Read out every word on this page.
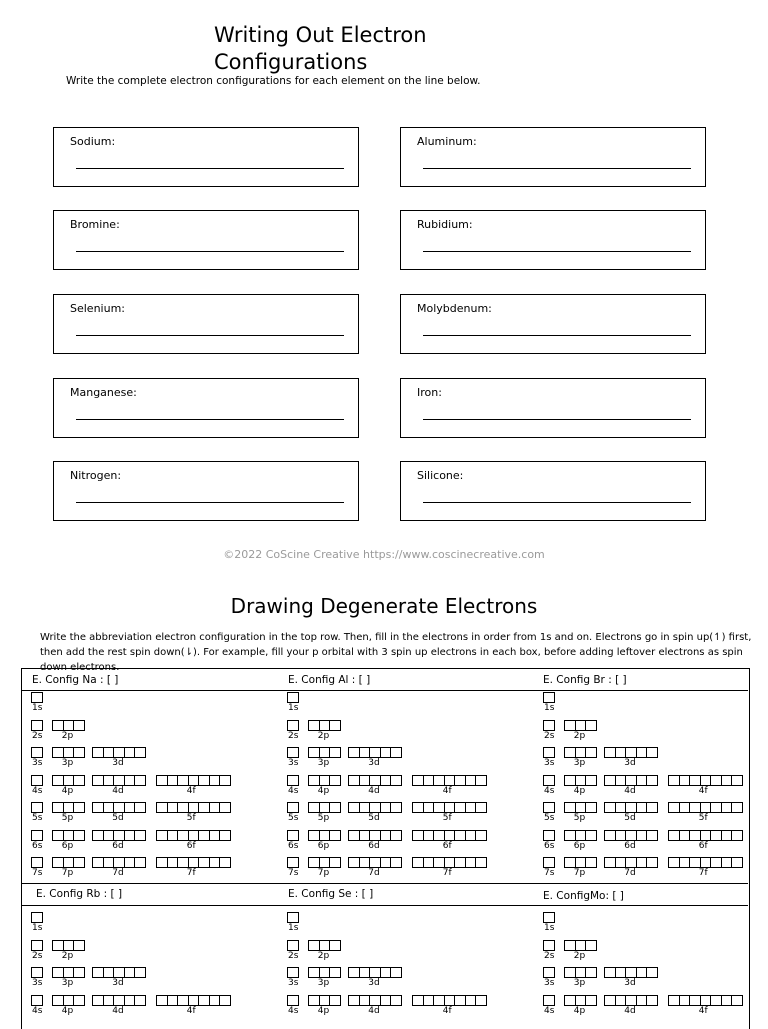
Writing Out Electron
Configurations
Write the complete electron configurations for each element on the line below.
Sodium:	Aluminum:
Bromine:	Rubidium:
Selenium:	Molybdenum:
Manganese:	Iron:
Nitrogen:	Silicone:
©2022 CoScine Creative https://www.coscinecreative.com
Drawing Degenerate Electrons
Write the abbreviation electron configuration in the top row. Then, fill in the electrons in order from 1s and on. Electrons go in spin up(↿) first, then add the rest spin down(⇂). For example, fill your p orbital with 3 spin up electrons in each box, before adding leftover electrons as spin down electrons.
E. Config Na : [ ]	E. Config Al : [ ]	E. Config Br : [ ]
E. Config Rb : [ ]	E. Config Se : [ ]	E. ConfigMo: [ ]
1s
2s 2p
3s 3p	3d
4s 4p	4d	4f
5s 5p	5d	5f
6s 6p	6d	6f
7s 7p	7d	7f
1s
2s 2p
3s 3p	3d
4s 4p	4d	4f
5s 5p	5d	5f
6s 6p	6d	6f
7s 7p	7d	7f
1s
2s 2p
3s 3p	3d
4s 4p	4d	4f
5s 5p	5d	5f
6s 6p	6d	6f
7s 7p	7d	7f
1s
2s 2p
3s 3p	3d
4s 4p	4d	4f
1s
2s 2p
3s 3p	3d
4s 4p	4d	4f
1s
2s 2p
3s 3p	3d
4s 4p	4d	4f
